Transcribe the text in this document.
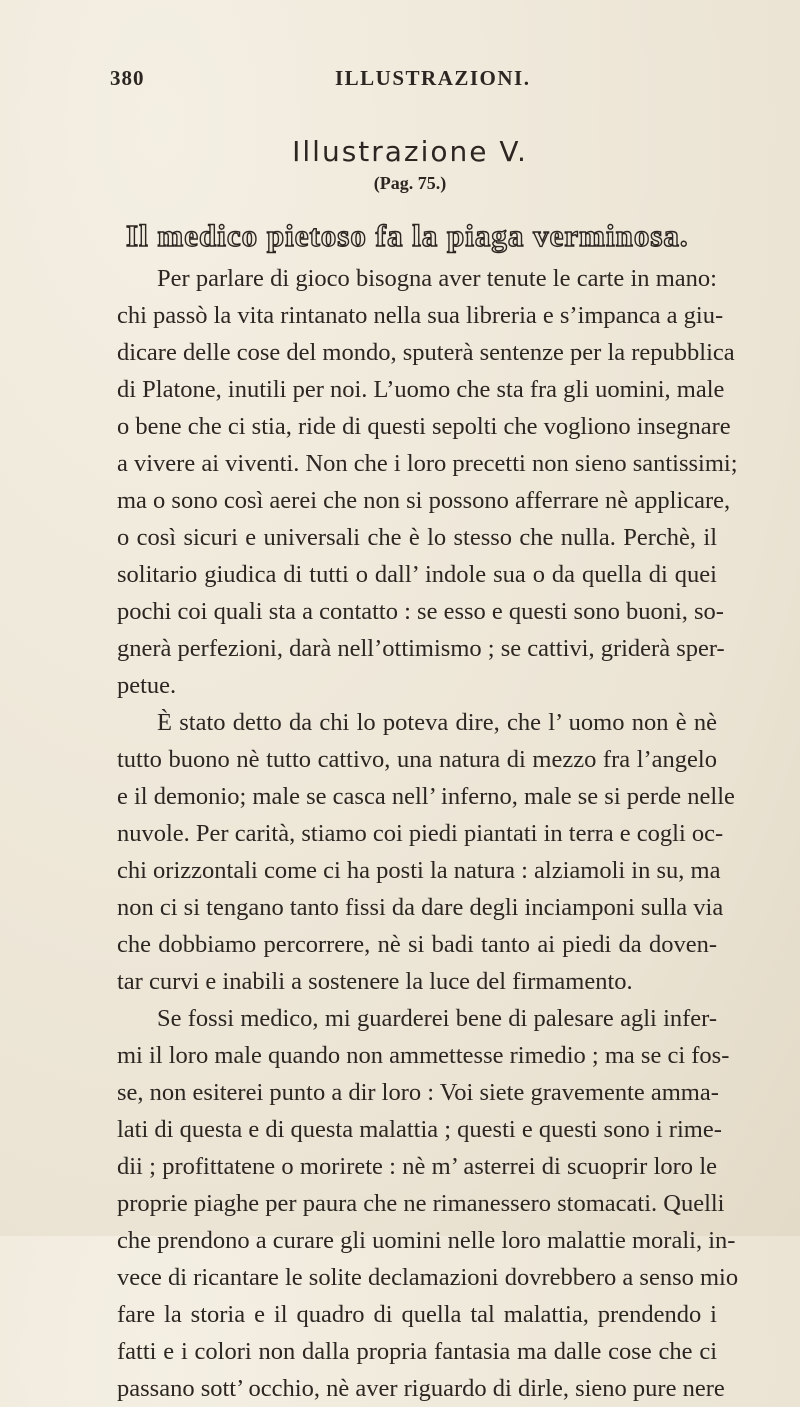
380	ILLUSTRAZIONI.
Illustrazione V.
(Pag. 75.)
Il medico pietoso fa la piaga verminosa.
Per parlare di gioco bisogna aver tenute le carte in mano:
chi passò la vita rintanato nella sua libreria e s’impanca a giu-
dicare delle cose del mondo, sputerà sentenze per la repubblica
di Platone, inutili per noi. L’uomo che sta fra gli uomini, male
o bene che ci stia, ride di questi sepolti che vogliono insegnare
a vivere ai viventi. Non che i loro precetti non sieno santissimi;
ma o sono così aerei che non si possono afferrare nè applicare,
o così sicuri e universali che è lo stesso che nulla. Perchè, il
solitario giudica di tutti o dall’ indole sua o da quella di quei
pochi coi quali sta a contatto : se esso e questi sono buoni, so-
gnerà perfezioni, darà nell’ottimismo ; se cattivi, griderà sper-
petue.
È stato detto da chi lo poteva dire, che l’ uomo non è nè
tutto buono nè tutto cattivo, una natura di mezzo fra l’angelo
e il demonio; male se casca nell’ inferno, male se si perde nelle
nuvole. Per carità, stiamo coi piedi piantati in terra e cogli oc-
chi orizzontali come ci ha posti la natura : alziamoli in su, ma
non ci si tengano tanto fissi da dare degli inciamponi sulla via
che dobbiamo percorrere, nè si badi tanto ai piedi da doven-
tar curvi e inabili a sostenere la luce del firmamento.
Se fossi medico, mi guarderei bene di palesare agli infer-
mi il loro male quando non ammettesse rimedio ; ma se ci fos-
se, non esiterei punto a dir loro : Voi siete gravemente amma-
lati di questa e di questa malattia ; questi e questi sono i rime-
dii ; profittatene o morirete : nè m’ asterrei di scuoprir loro le
proprie piaghe per paura che ne rimanessero stomacati. Quelli
che prendono a curare gli uomini nelle loro malattie morali, in-
vece di ricantare le solite declamazioni dovrebbero a senso mio
fare la storia e il quadro di quella tal malattia, prendendo i
fatti e i colori non dalla propria fantasia ma dalle cose che ci
passano sott’ occhio, nè aver riguardo di dirle, sieno pure nere
